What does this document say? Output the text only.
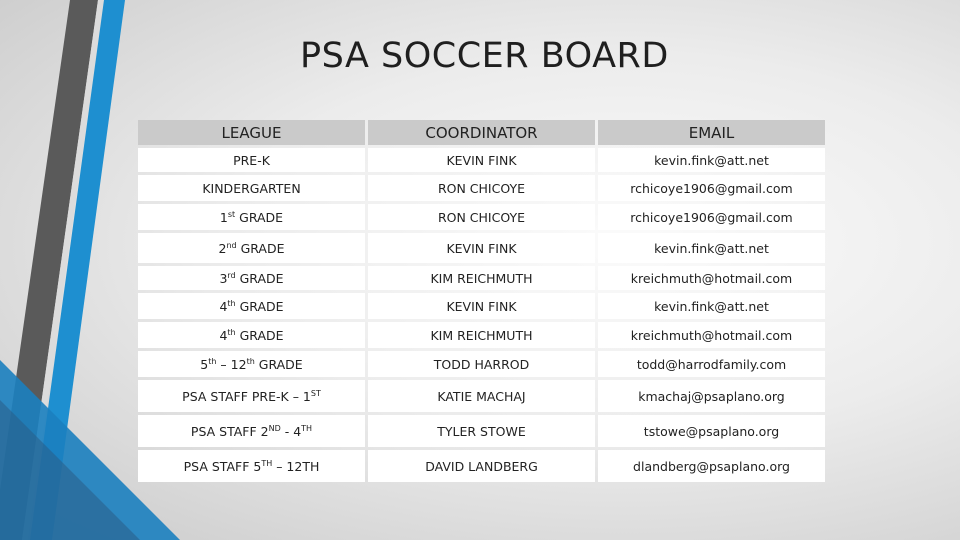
PSA SOCCER BOARD
LEAGUE	COORDINATOR	EMAIL
PRE-K	KEVIN FINK	kevin.fink@att.net
KINDERGARTEN	RON CHICOYE	rchicoye1906@gmail.com
1st GRADE	RON CHICOYE	rchicoye1906@gmail.com
2nd GRADE	KEVIN FINK	kevin.fink@att.net
3rd GRADE	KIM REICHMUTH	kreichmuth@hotmail.com
4th GRADE	KEVIN FINK	kevin.fink@att.net
4th GRADE	KIM REICHMUTH	kreichmuth@hotmail.com
5th – 12th GRADE	TODD HARROD	todd@harrodfamily.com
PSA STAFF PRE-K – 1ST	KATIE MACHAJ	kmachaj@psaplano.org
PSA STAFF 2ND - 4TH	TYLER STOWE	tstowe@psaplano.org
PSA STAFF 5TH – 12TH	DAVID LANDBERG	dlandberg@psaplano.org
